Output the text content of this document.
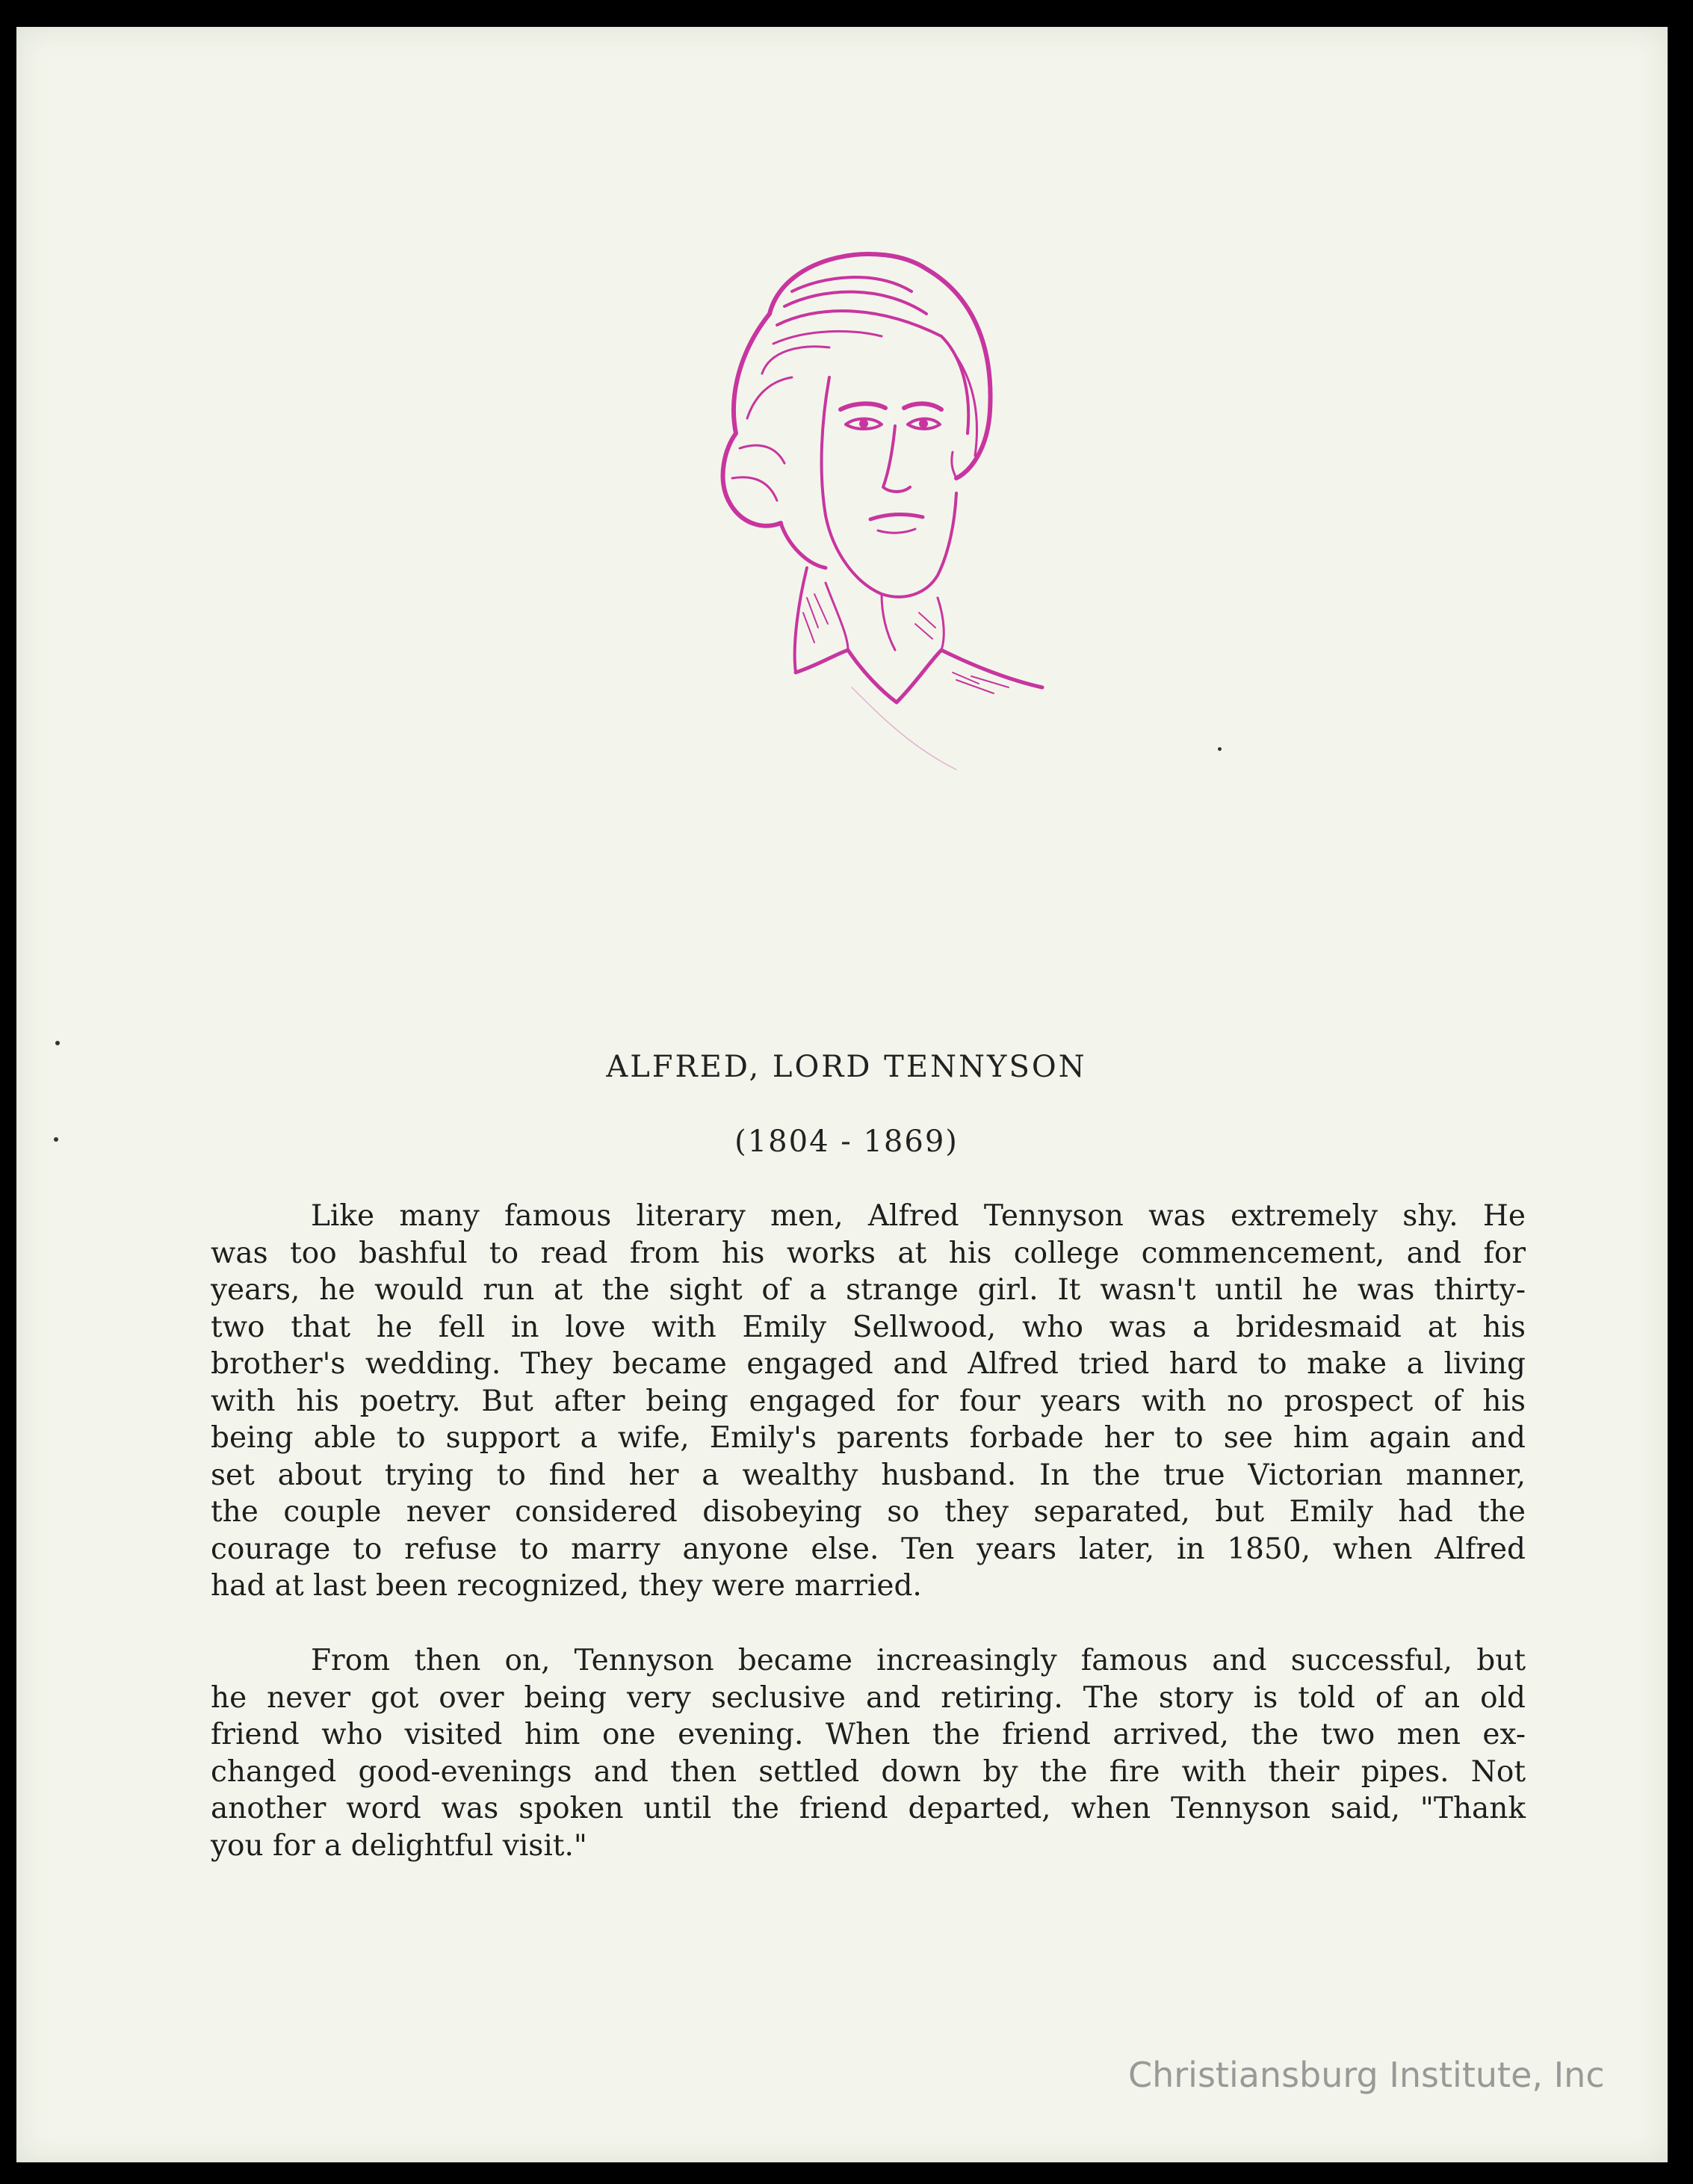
ALFRED, LORD TENNYSON
(1804 - 1869)
Like many famous literary men, Alfred Tennyson was extremely shy. He
was too bashful to read from his works at his college commencement, and for
years, he would run at the sight of a strange girl. It wasn't until he was thirty-
two that he fell in love with Emily Sellwood, who was a bridesmaid at his
brother's wedding. They became engaged and Alfred tried hard to make a living
with his poetry. But after being engaged for four years with no prospect of his
being able to support a wife, Emily's parents forbade her to see him again and
set about trying to find her a wealthy husband. In the true Victorian manner,
the couple never considered disobeying so they separated, but Emily had the
courage to refuse to marry anyone else. Ten years later, in 1850, when Alfred
had at last been recognized, they were married.
From then on, Tennyson became increasingly famous and successful, but
he never got over being very seclusive and retiring. The story is told of an old
friend who visited him one evening. When the friend arrived, the two men ex-
changed good-evenings and then settled down by the fire with their pipes. Not
another word was spoken until the friend departed, when Tennyson said, "Thank
you for a delightful visit."
Christiansburg Institute, Inc
